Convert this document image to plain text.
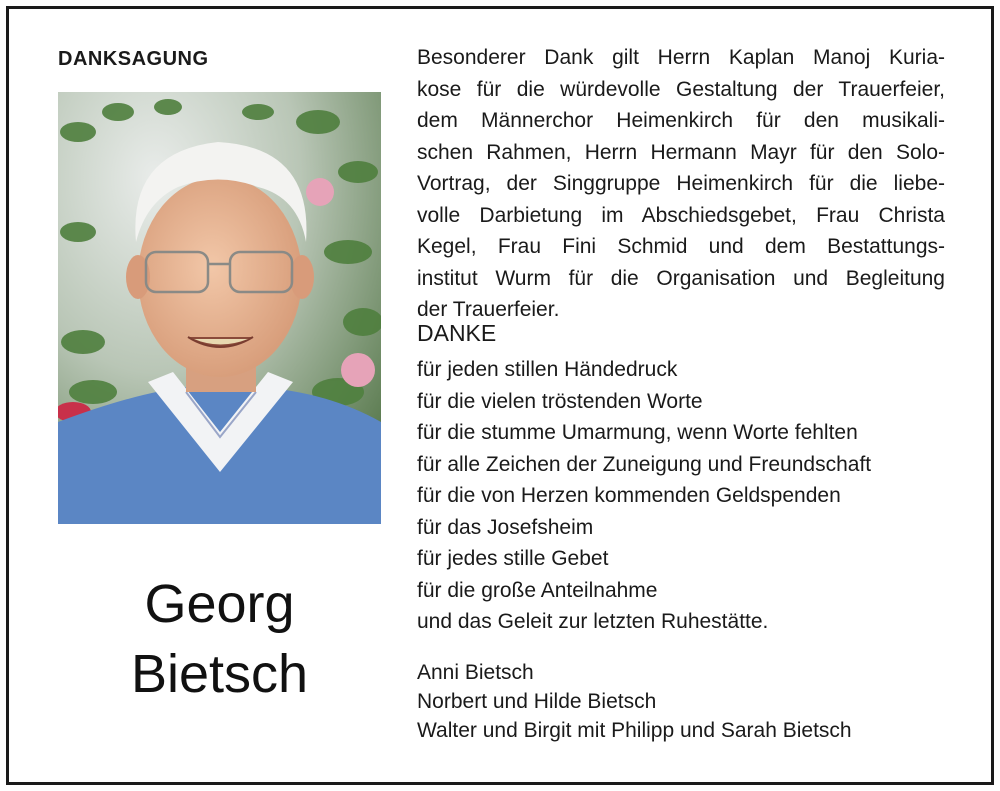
DANKSAGUNG
Georg
Bietsch
Besonderer Dank gilt Herrn Kaplan Manoj Kuria-
kose für die würdevolle Gestaltung der Trauerfeier,
dem Männerchor Heimenkirch für den musikali-
schen Rahmen, Herrn Hermann Mayr für den Solo-
Vortrag, der Singgruppe Heimenkirch für die liebe-
volle Darbietung im Abschiedsgebet, Frau Christa
Kegel, Frau Fini Schmid und dem Bestattungs-
institut Wurm für die Organisation und Begleitung
der Trauerfeier.
DANKE
für jeden stillen Händedruck
für die vielen tröstenden Worte
für die stumme Umarmung, wenn Worte fehlten
für alle Zeichen der Zuneigung und Freundschaft
für die von Herzen kommenden Geldspenden
für das Josefsheim
für jedes stille Gebet
für die große Anteilnahme
und das Geleit zur letzten Ruhestätte.
Anni Bietsch
Norbert und Hilde Bietsch
Walter und Birgit mit Philipp und Sarah Bietsch
